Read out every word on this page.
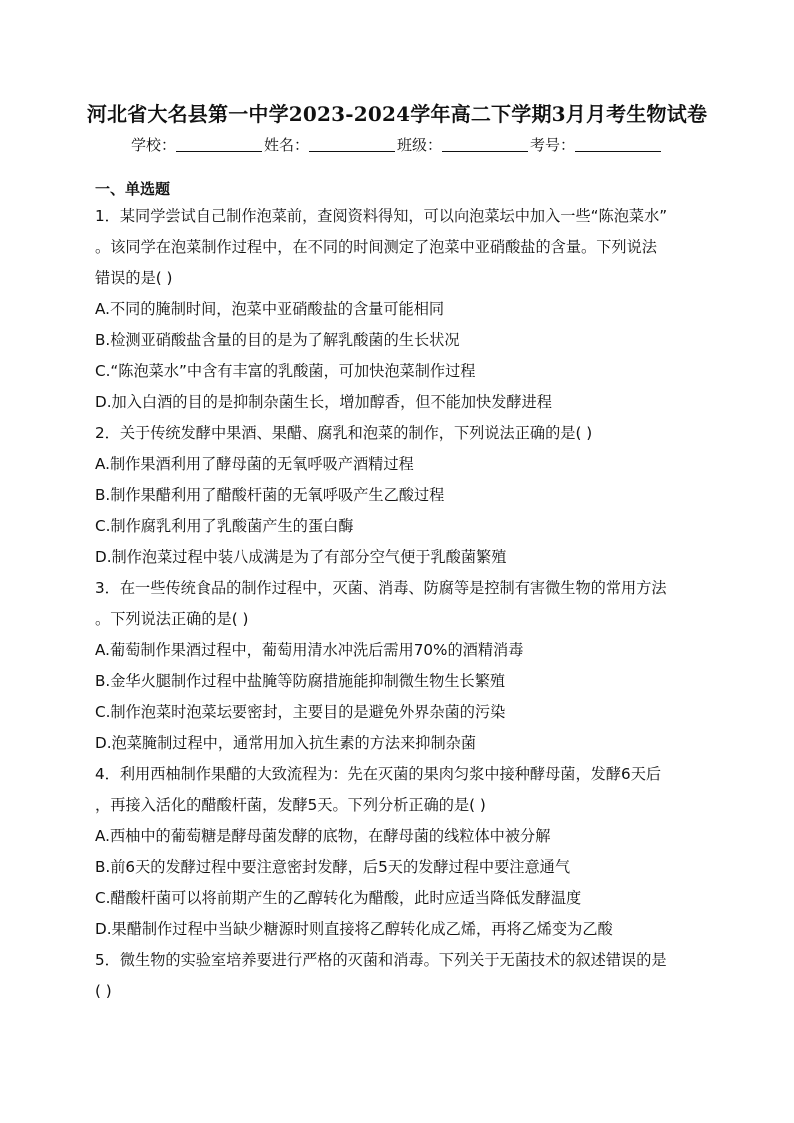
河北省大名县第一中学2023-2024学年高二下学期3月月考生物试卷
学校：	姓名：	班级：	考号：
一、单选题
1．某同学尝试自己制作泡菜前，查阅资料得知，可以向泡菜坛中加入一些“陈泡菜水”
。该同学在泡菜制作过程中，在不同的时间测定了泡菜中亚硝酸盐的含量。下列说法
错误的是( )
A.不同的腌制时间，泡菜中亚硝酸盐的含量可能相同
B.检测亚硝酸盐含量的目的是为了解乳酸菌的生长状况
C.“陈泡菜水”中含有丰富的乳酸菌，可加快泡菜制作过程
D.加入白酒的目的是抑制杂菌生长，增加醇香，但不能加快发酵进程
2．关于传统发酵中果酒、果醋、腐乳和泡菜的制作，下列说法正确的是( )
A.制作果酒利用了酵母菌的无氧呼吸产酒精过程
B.制作果醋利用了醋酸杆菌的无氧呼吸产生乙酸过程
C.制作腐乳利用了乳酸菌产生的蛋白酶
D.制作泡菜过程中装八成满是为了有部分空气便于乳酸菌繁殖
3．在一些传统食品的制作过程中，灭菌、消毒、防腐等是控制有害微生物的常用方法
。下列说法正确的是( )
A.葡萄制作果酒过程中，葡萄用清水冲洗后需用70%的酒精消毒
B.金华火腿制作过程中盐腌等防腐措施能抑制微生物生长繁殖
C.制作泡菜时泡菜坛要密封，主要目的是避免外界杂菌的污染
D.泡菜腌制过程中，通常用加入抗生素的方法来抑制杂菌
4．利用西柚制作果醋的大致流程为：先在灭菌的果肉匀浆中接种酵母菌，发酵6天后
，再接入活化的醋酸杆菌，发酵5天。下列分析正确的是( )
A.西柚中的葡萄糖是酵母菌发酵的底物，在酵母菌的线粒体中被分解
B.前6天的发酵过程中要注意密封发酵，后5天的发酵过程中要注意通气
C.醋酸杆菌可以将前期产生的乙醇转化为醋酸，此时应适当降低发酵温度
D.果醋制作过程中当缺少糖源时则直接将乙醇转化成乙烯，再将乙烯变为乙酸
5．微生物的实验室培养要进行严格的灭菌和消毒。下列关于无菌技术的叙述错误的是
( )
